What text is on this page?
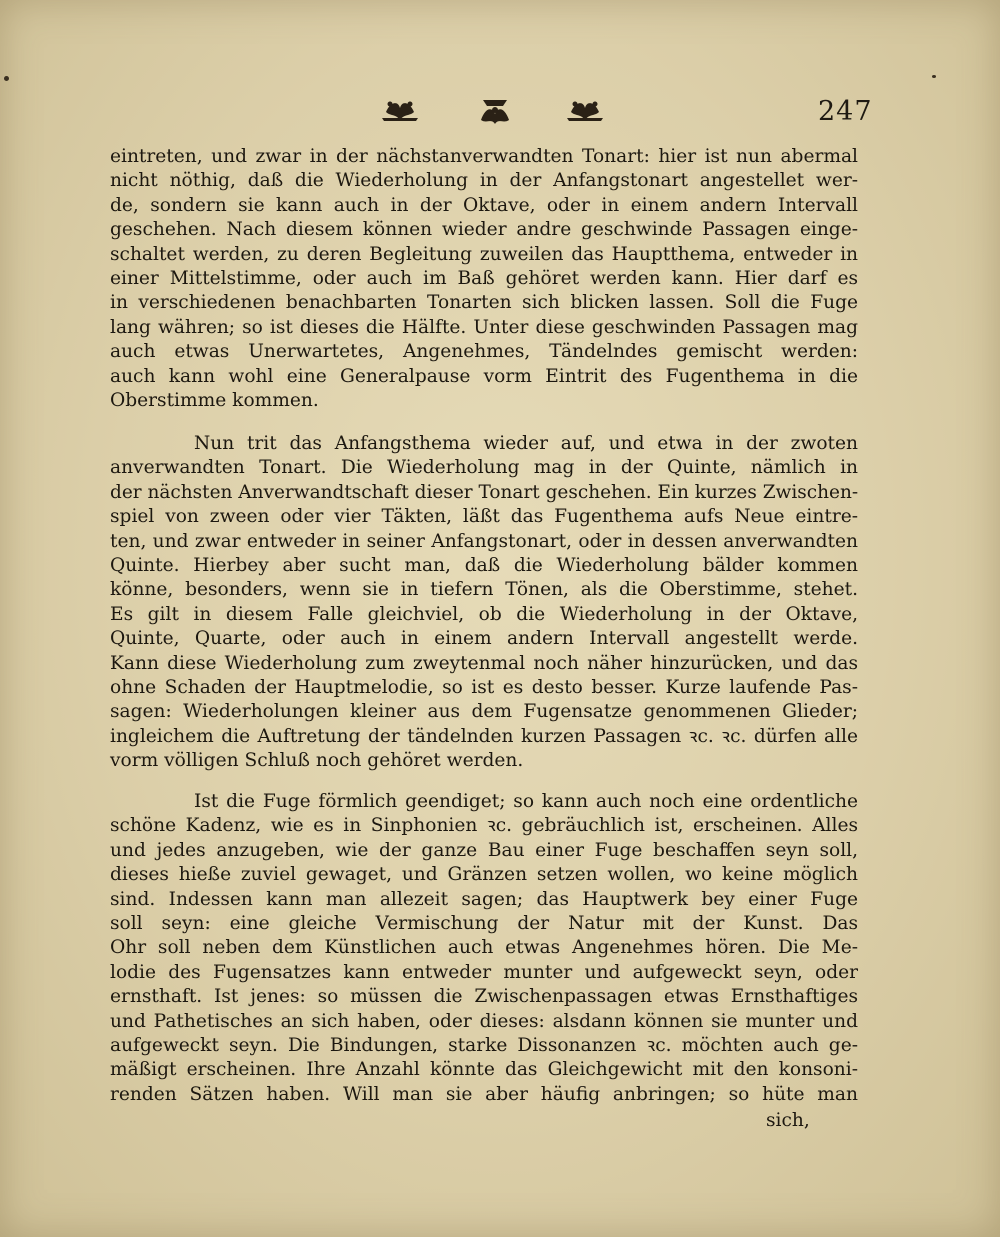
247
eintreten, und zwar in der nächstanverwandten Tonart: hier ist nun abermal
nicht nöthig, daß die Wiederholung in der Anfangstonart angestellet wer-
de, sondern sie kann auch in der Oktave, oder in einem andern Intervall
geschehen. Nach diesem können wieder andre geschwinde Passagen einge-
schaltet werden, zu deren Begleitung zuweilen das Hauptthema, entweder in
einer Mittelstimme, oder auch im Baß gehöret werden kann. Hier darf es
in verschiedenen benachbarten Tonarten sich blicken lassen. Soll die Fuge
lang währen; so ist dieses die Hälfte. Unter diese geschwinden Passagen mag
auch etwas Unerwartetes, Angenehmes, Tändelndes gemischt werden:
auch kann wohl eine Generalpause vorm Eintrit des Fugenthema in die
Oberstimme kommen.
Nun trit das Anfangsthema wieder auf, und etwa in der zwoten
anverwandten Tonart. Die Wiederholung mag in der Quinte, nämlich in
der nächsten Anverwandtschaft dieser Tonart geschehen. Ein kurzes Zwischen-
spiel von zween oder vier Täkten, läßt das Fugenthema aufs Neue eintre-
ten, und zwar entweder in seiner Anfangstonart, oder in dessen anverwandten
Quinte. Hierbey aber sucht man, daß die Wiederholung bälder kommen
könne, besonders, wenn sie in tiefern Tönen, als die Oberstimme, stehet.
Es gilt in diesem Falle gleichviel, ob die Wiederholung in der Oktave,
Quinte, Quarte, oder auch in einem andern Intervall angestellt werde.
Kann diese Wiederholung zum zweytenmal noch näher hinzurücken, und das
ohne Schaden der Hauptmelodie, so ist es desto besser. Kurze laufende Pas-
sagen: Wiederholungen kleiner aus dem Fugensatze genommenen Glieder;
ingleichem die Auftretung der tändelnden kurzen Passagen ꝛc. ꝛc. dürfen alle
vorm völligen Schluß noch gehöret werden.
Ist die Fuge förmlich geendiget; so kann auch noch eine ordentliche
schöne Kadenz, wie es in Sinphonien ꝛc. gebräuchlich ist, erscheinen. Alles
und jedes anzugeben, wie der ganze Bau einer Fuge beschaffen seyn soll,
dieses hieße zuviel gewaget, und Gränzen setzen wollen, wo keine möglich
sind. Indessen kann man allezeit sagen; das Hauptwerk bey einer Fuge
soll seyn: eine gleiche Vermischung der Natur mit der Kunst. Das
Ohr soll neben dem Künstlichen auch etwas Angenehmes hören. Die Me-
lodie des Fugensatzes kann entweder munter und aufgeweckt seyn, oder
ernsthaft. Ist jenes: so müssen die Zwischenpassagen etwas Ernsthaftiges
und Pathetisches an sich haben, oder dieses: alsdann können sie munter und
aufgeweckt seyn. Die Bindungen, starke Dissonanzen ꝛc. möchten auch ge-
mäßigt erscheinen. Ihre Anzahl könnte das Gleichgewicht mit den konsoni-
renden Sätzen haben. Will man sie aber häufig anbringen; so hüte man
sich,
